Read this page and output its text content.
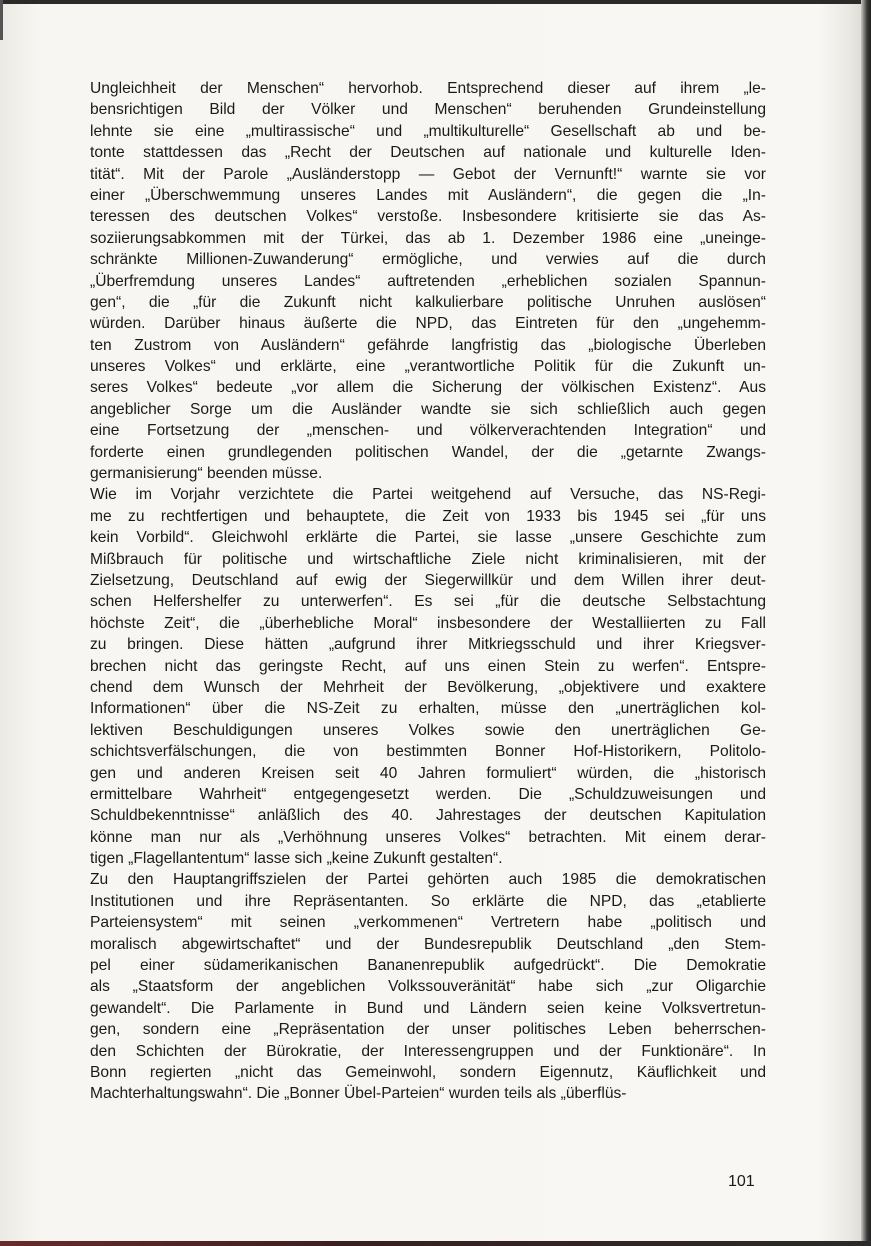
Ungleichheit der Menschen“ hervorhob. Entsprechend dieser auf ihrem „le-
bensrichtigen Bild der Völker und Menschen“ beruhenden Grundeinstellung
lehnte sie eine „multirassische“ und „multikulturelle“ Gesellschaft ab und be-
tonte stattdessen das „Recht der Deutschen auf nationale und kulturelle Iden-
tität“. Mit der Parole „Ausländerstopp — Gebot der Vernunft!“ warnte sie vor
einer „Überschwemmung unseres Landes mit Ausländern“, die gegen die „In-
teressen des deutschen Volkes“ verstoße. Insbesondere kritisierte sie das As-
soziierungsabkommen mit der Türkei, das ab 1. Dezember 1986 eine „uneinge-
schränkte Millionen-Zuwanderung“ ermögliche, und verwies auf die durch
„Überfremdung unseres Landes“ auftretenden „erheblichen sozialen Spannun-
gen“, die „für die Zukunft nicht kalkulierbare politische Unruhen auslösen“
würden. Darüber hinaus äußerte die NPD, das Eintreten für den „ungehemm-
ten Zustrom von Ausländern“ gefährde langfristig das „biologische Überleben
unseres Volkes“ und erklärte, eine „verantwortliche Politik für die Zukunft un-
seres Volkes“ bedeute „vor allem die Sicherung der völkischen Existenz“. Aus
angeblicher Sorge um die Ausländer wandte sie sich schließlich auch gegen
eine Fortsetzung der „menschen- und völkerverachtenden Integration“ und
forderte einen grundlegenden politischen Wandel, der die „getarnte Zwangs-
germanisierung“ beenden müsse.
Wie im Vorjahr verzichtete die Partei weitgehend auf Versuche, das NS-Regi-
me zu rechtfertigen und behauptete, die Zeit von 1933 bis 1945 sei „für uns
kein Vorbild“. Gleichwohl erklärte die Partei, sie lasse „unsere Geschichte zum
Mißbrauch für politische und wirtschaftliche Ziele nicht kriminalisieren, mit der
Zielsetzung, Deutschland auf ewig der Siegerwillkür und dem Willen ihrer deut-
schen Helfershelfer zu unterwerfen“. Es sei „für die deutsche Selbstachtung
höchste Zeit“, die „überhebliche Moral“ insbesondere der Westalliierten zu Fall
zu bringen. Diese hätten „aufgrund ihrer Mitkriegsschuld und ihrer Kriegsver-
brechen nicht das geringste Recht, auf uns einen Stein zu werfen“. Entspre-
chend dem Wunsch der Mehrheit der Bevölkerung, „objektivere und exaktere
Informationen“ über die NS-Zeit zu erhalten, müsse den „unerträglichen kol-
lektiven Beschuldigungen unseres Volkes sowie den unerträglichen Ge-
schichtsverfälschungen, die von bestimmten Bonner Hof-Historikern, Politolo-
gen und anderen Kreisen seit 40 Jahren formuliert“ würden, die „historisch
ermittelbare Wahrheit“ entgegengesetzt werden. Die „Schuldzuweisungen und
Schuldbekenntnisse“ anläßlich des 40. Jahrestages der deutschen Kapitulation
könne man nur als „Verhöhnung unseres Volkes“ betrachten. Mit einem derar-
tigen „Flagellantentum“ lasse sich „keine Zukunft gestalten“.
Zu den Hauptangriffszielen der Partei gehörten auch 1985 die demokratischen
Institutionen und ihre Repräsentanten. So erklärte die NPD, das „etablierte
Parteiensystem“ mit seinen „verkommenen“ Vertretern habe „politisch und
moralisch abgewirtschaftet“ und der Bundesrepublik Deutschland „den Stem-
pel einer südamerikanischen Bananenrepublik aufgedrückt“. Die Demokratie
als „Staatsform der angeblichen Volkssouveränität“ habe sich „zur Oligarchie
gewandelt“. Die Parlamente in Bund und Ländern seien keine Volksvertretun-
gen, sondern eine „Repräsentation der unser politisches Leben beherrschen-
den Schichten der Bürokratie, der Interessengruppen und der Funktionäre“. In
Bonn regierten „nicht das Gemeinwohl, sondern Eigennutz, Käuflichkeit und
Machterhaltungswahn“. Die „Bonner Übel-Parteien“ wurden teils als „überflüs-
101
